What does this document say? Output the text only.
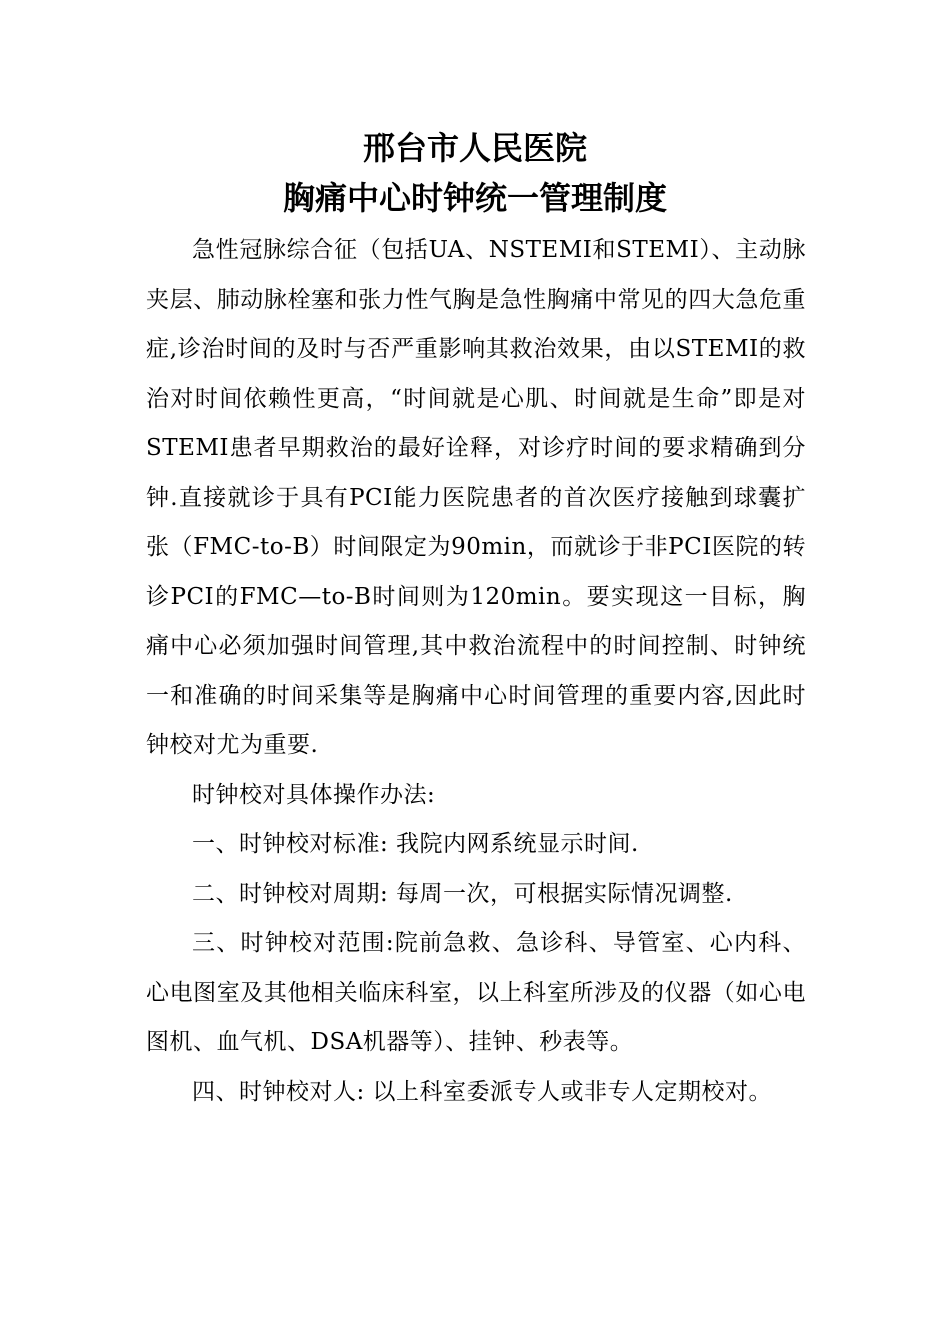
邢台市人民医院
胸痛中心时钟统一管理制度

急性冠脉综合征（包括UA、NSTEMI和STEMI）、主动脉夹层、肺动脉栓塞和张力性气胸是急性胸痛中常见的四大急危重症,诊治时间的及时与否严重影响其救治效果，由以STEMI的救治对时间依赖性更高，“时间就是心肌、时间就是生命”即是对STEMI患者早期救治的最好诠释，对诊疗时间的要求精确到分钟.直接就诊于具有PCI能力医院患者的首次医疗接触到球囊扩张（FMC-to-B）时间限定为90min，而就诊于非PCI医院的转诊PCI的FMC—to-B时间则为120min。要实现这一目标，胸痛中心必须加强时间管理,其中救治流程中的时间控制、时钟统一和准确的时间采集等是胸痛中心时间管理的重要内容,因此时钟校对尤为重要.

时钟校对具体操作办法:

一、时钟校对标准: 我院内网系统显示时间.

二、时钟校对周期: 每周一次，可根据实际情况调整.

三、时钟校对范围:院前急救、急诊科、导管室、心内科、心电图室及其他相关临床科室，以上科室所涉及的仪器（如心电图机、血气机、DSA机器等）、挂钟、秒表等。

四、时钟校对人: 以上科室委派专人或非专人定期校对。
